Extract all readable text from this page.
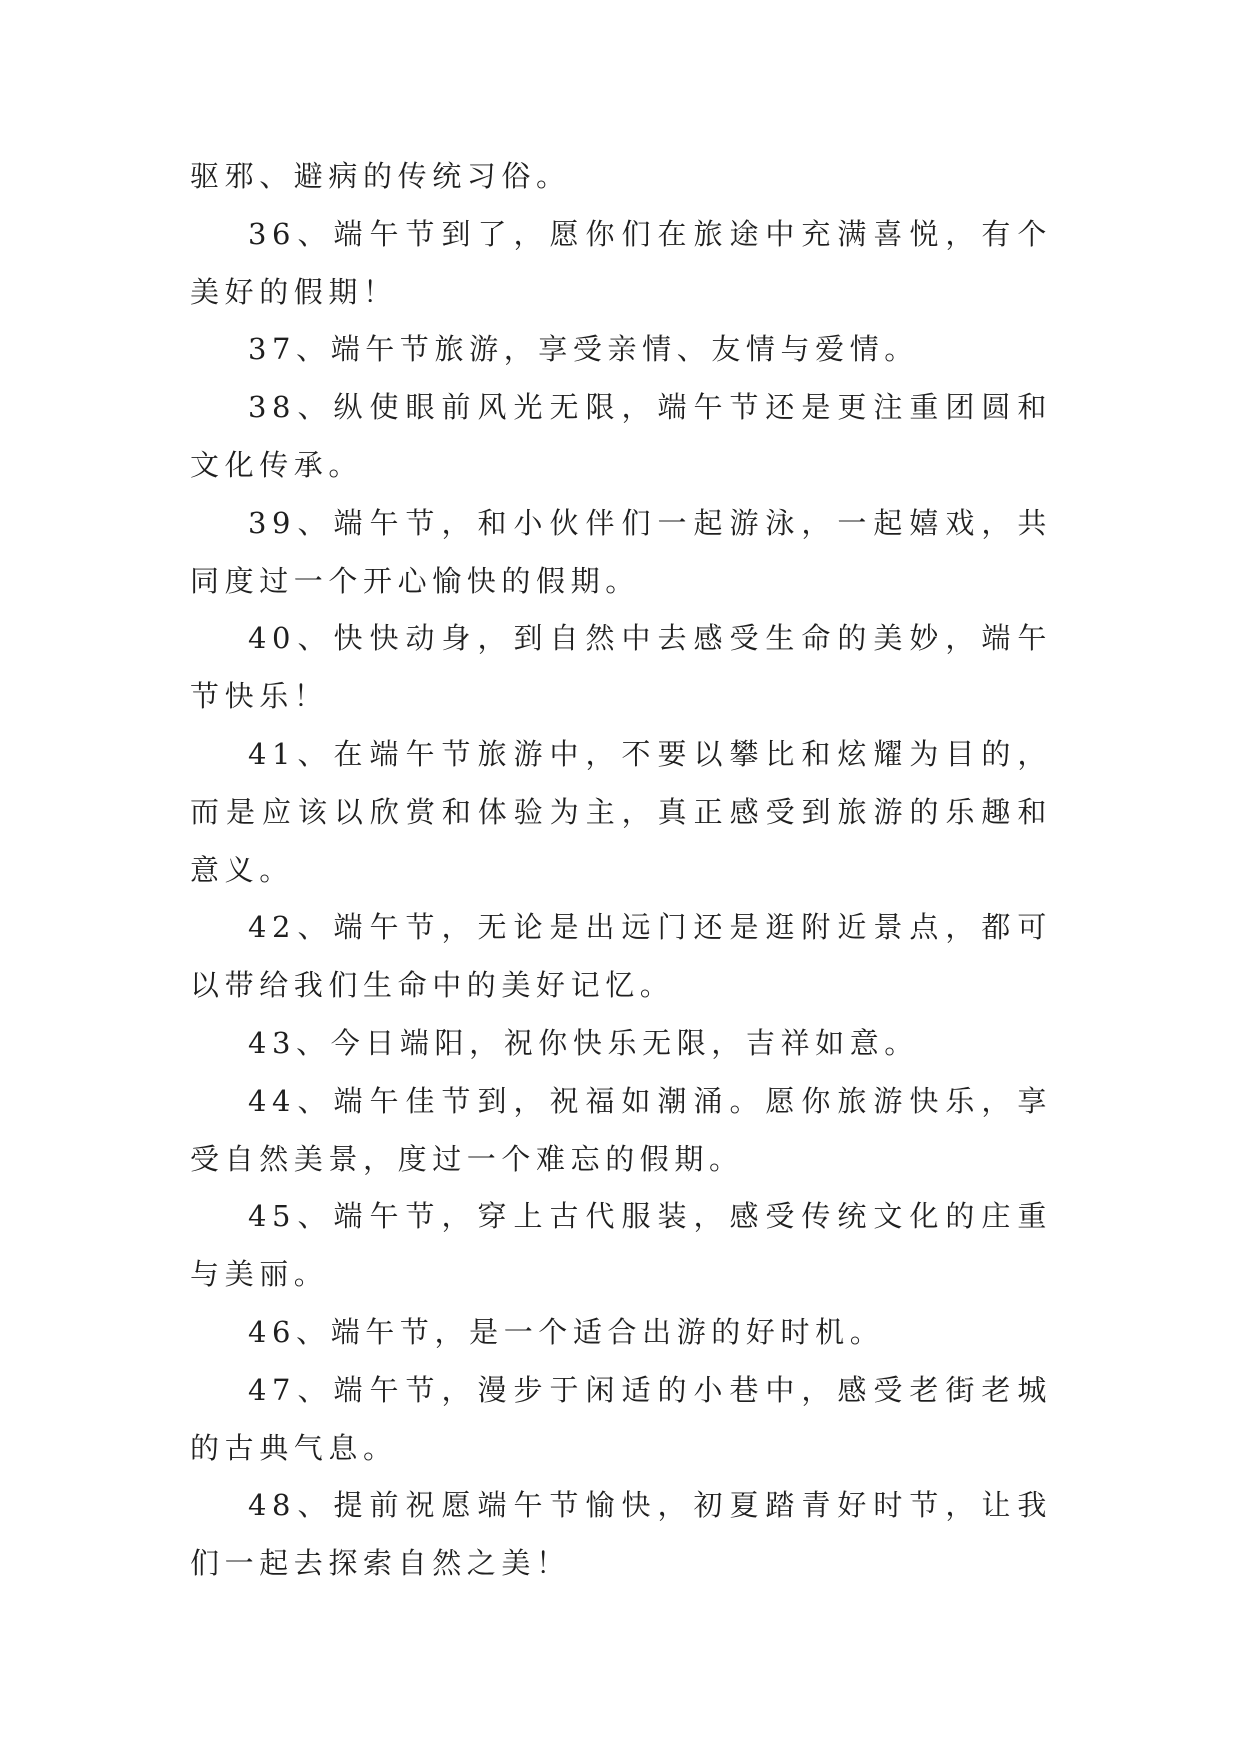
驱邪、避病的传统习俗。

36、端午节到了，愿你们在旅途中充满喜悦，有个美好的假期！

37、端午节旅游，享受亲情、友情与爱情。

38、纵使眼前风光无限，端午节还是更注重团圆和文化传承。

39、端午节，和小伙伴们一起游泳，一起嬉戏，共同度过一个开心愉快的假期。

40、快快动身，到自然中去感受生命的美妙，端午节快乐！

41、在端午节旅游中，不要以攀比和炫耀为目的，而是应该以欣赏和体验为主，真正感受到旅游的乐趣和意义。

42、端午节，无论是出远门还是逛附近景点，都可以带给我们生命中的美好记忆。

43、今日端阳，祝你快乐无限，吉祥如意。

44、端午佳节到，祝福如潮涌。愿你旅游快乐，享受自然美景，度过一个难忘的假期。

45、端午节，穿上古代服装，感受传统文化的庄重与美丽。

46、端午节，是一个适合出游的好时机。

47、端午节，漫步于闲适的小巷中，感受老街老城的古典气息。

48、提前祝愿端午节愉快，初夏踏青好时节，让我们一起去探索自然之美！
